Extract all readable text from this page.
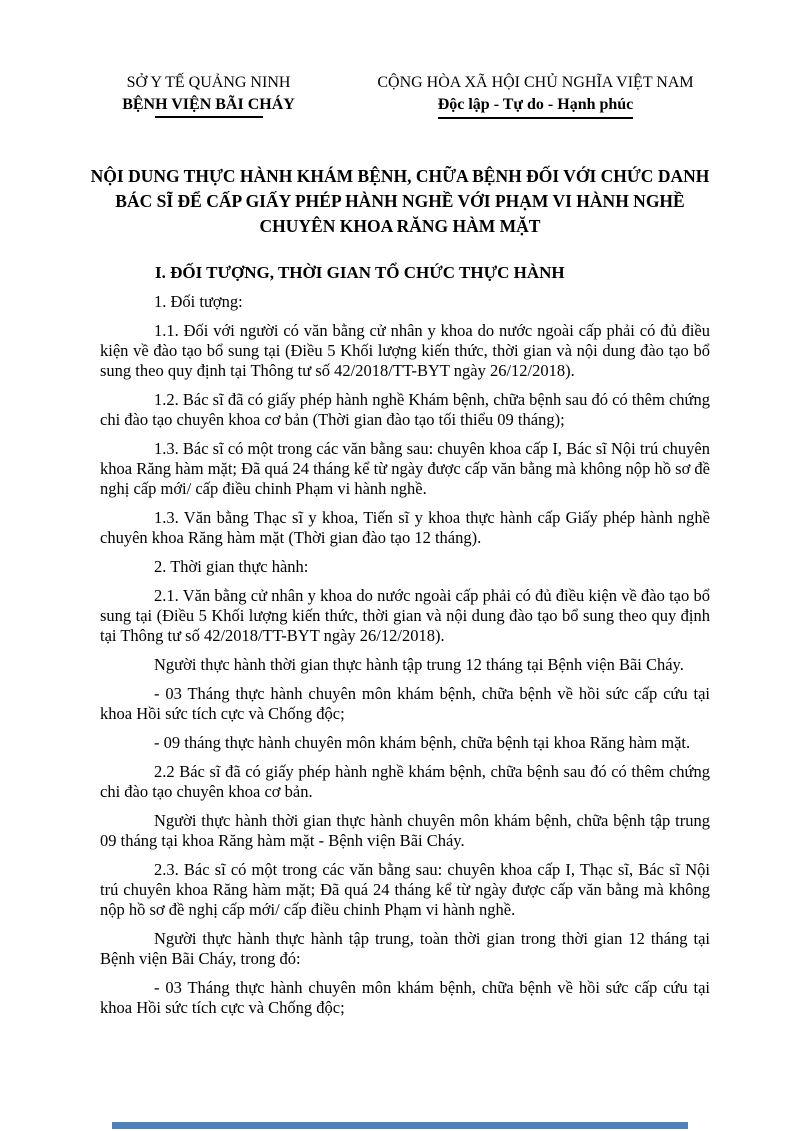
SỞ Y TẾ QUẢNG NINH
BỆNH VIỆN BÃI CHÁY
CỘNG HÒA XÃ HỘI CHỦ NGHĨA VIỆT NAM
Độc lập - Tự do - Hạnh phúc
NỘI DUNG THỰC HÀNH KHÁM BỆNH, CHỮA BỆNH ĐỐI VỚI CHỨC DANH BÁC SĨ ĐỂ CẤP GIẤY PHÉP HÀNH NGHỀ VỚI PHẠM VI HÀNH NGHỀ CHUYÊN KHOA RĂNG HÀM MẶT
I. ĐỐI TƯỢNG, THỜI GIAN TỔ CHỨC THỰC HÀNH

1. Đối tượng:

1.1. Đối với người có văn bằng cử nhân y khoa do nước ngoài cấp phải có đủ điều kiện về đào tạo bổ sung tại (Điều 5 Khối lượng kiến thức, thời gian và nội dung đào tạo bổ sung theo quy định tại Thông tư số 42/2018/TT-BYT ngày 26/12/2018).

1.2. Bác sĩ đã có giấy phép hành nghề Khám bệnh, chữa bệnh sau đó có thêm chứng chi đào tạo chuyên khoa cơ bản (Thời gian đào tạo tối thiểu 09 tháng);

1.3. Bác sĩ có một trong các văn bằng sau: chuyên khoa cấp I, Bác sĩ Nội trú chuyên khoa Răng hàm mặt; Đã quá 24 tháng kể từ ngày được cấp văn bằng mà không nộp hồ sơ đề nghị cấp mới/ cấp điều chinh Phạm vi hành nghề.

1.3. Văn bằng Thạc sĩ y khoa, Tiến sĩ y khoa thực hành cấp Giấy phép hành nghề chuyên khoa Răng hàm mặt (Thời gian đào tạo 12 tháng).

2. Thời gian thực hành:

2.1. Văn bằng cử nhân y khoa do nước ngoài cấp phải có đủ điều kiện về đào tạo bổ sung tại (Điều 5 Khối lượng kiến thức, thời gian và nội dung đào tạo bổ sung theo quy định tại Thông tư số 42/2018/TT-BYT ngày 26/12/2018).

Người thực hành thời gian thực hành tập trung 12 tháng tại Bệnh viện Bãi Cháy.

- 03 Tháng thực hành chuyên môn khám bệnh, chữa bệnh về hồi sức cấp cứu tại khoa Hồi sức tích cực và Chống độc;

- 09 tháng thực hành chuyên môn khám bệnh, chữa bệnh tại khoa Răng hàm mặt.

2.2 Bác sĩ đã có giấy phép hành nghề khám bệnh, chữa bệnh sau đó có thêm chứng chi đào tạo chuyên khoa cơ bản.

Người thực hành thời gian thực hành chuyên môn khám bệnh, chữa bệnh tập trung 09 tháng tại khoa Răng hàm mặt - Bệnh viện Bãi Cháy.

2.3. Bác sĩ có một trong các văn bằng sau: chuyên khoa cấp I, Thạc sĩ, Bác sĩ Nội trú chuyên khoa Răng hàm mặt; Đã quá 24 tháng kể từ ngày được cấp văn bằng mà không nộp hồ sơ đề nghị cấp mới/ cấp điều chinh Phạm vi hành nghề.

Người thực hành thực hành tập trung, toàn thời gian trong thời gian 12 tháng tại Bệnh viện Bãi Cháy, trong đó:

- 03 Tháng thực hành chuyên môn khám bệnh, chữa bệnh về hồi sức cấp cứu tại khoa Hồi sức tích cực và Chống độc;
